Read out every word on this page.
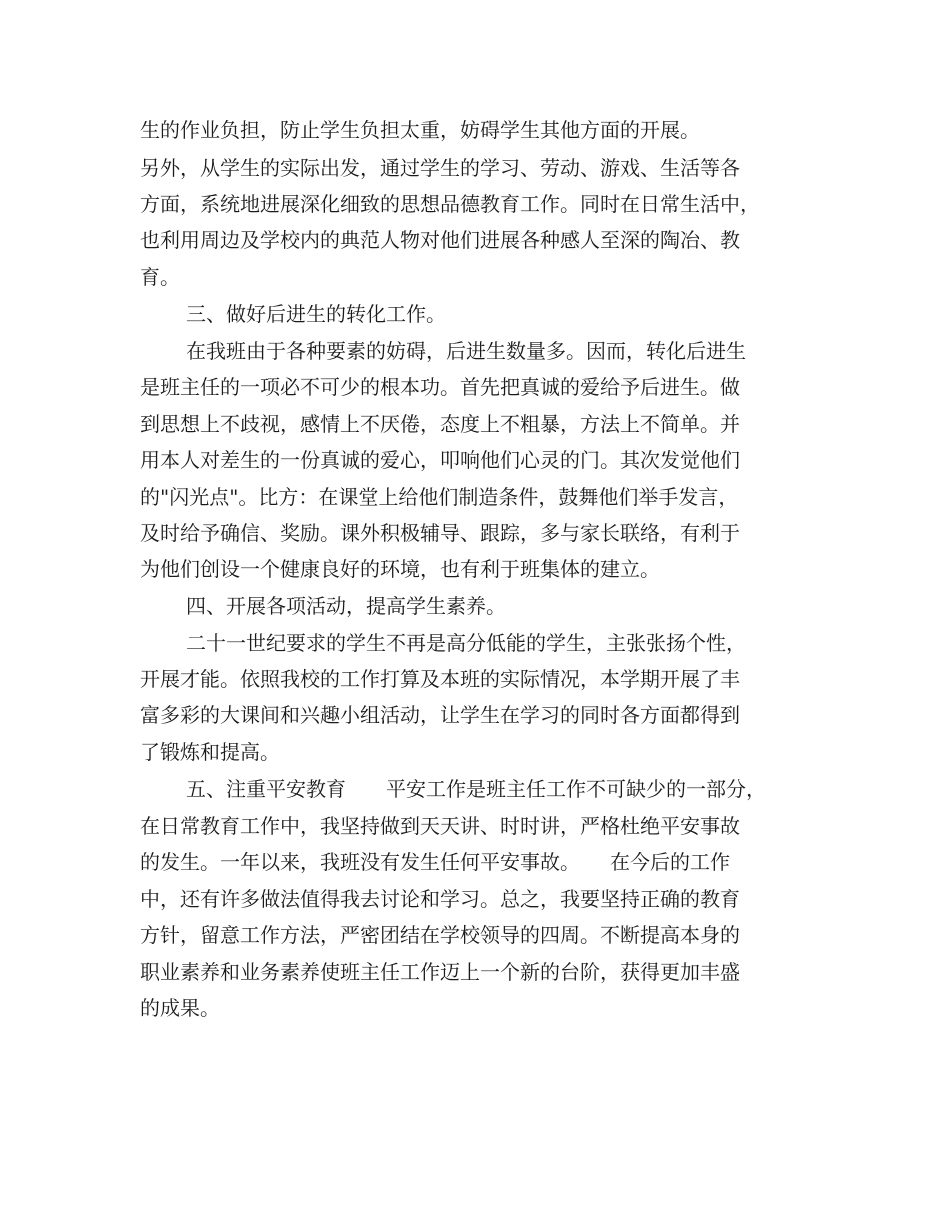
生的作业负担，防止学生负担太重，妨碍学生其他方面的开展。

另外，从学生的实际出发，通过学生的学习、劳动、游戏、生活等各

方面，系统地进展深化细致的思想品德教育工作。同时在日常生活中，

也利用周边及学校内的典范人物对他们进展各种感人至深的陶冶、教

育。

三、做好后进生的转化工作。

在我班由于各种要素的妨碍，后进生数量多。因而，转化后进生

是班主任的一项必不可少的根本功。首先把真诚的爱给予后进生。做

到思想上不歧视，感情上不厌倦，态度上不粗暴，方法上不简单。并

用本人对差生的一份真诚的爱心，叩响他们心灵的门。其次发觉他们

的"闪光点"。比方：在课堂上给他们制造条件，鼓舞他们举手发言，

及时给予确信、奖励。课外积极辅导、跟踪，多与家长联络，有利于

为他们创设一个健康良好的环境，也有利于班集体的建立。

四、开展各项活动，提高学生素养。

二十一世纪要求的学生不再是高分低能的学生，主张张扬个性，

开展才能。依照我校的工作打算及本班的实际情况，本学期开展了丰

富多彩的大课间和兴趣小组活动，让学生在学习的同时各方面都得到

了锻炼和提高。

五、注重平安教育　　平安工作是班主任工作不可缺少的一部分，

在日常教育工作中，我坚持做到天天讲、时时讲，严格杜绝平安事故

的发生。一年以来，我班没有发生任何平安事故。　　在今后的工作

中，还有许多做法值得我去讨论和学习。总之，我要坚持正确的教育

方针，留意工作方法，严密团结在学校领导的四周。不断提高本身的

职业素养和业务素养使班主任工作迈上一个新的台阶，获得更加丰盛

的成果。
